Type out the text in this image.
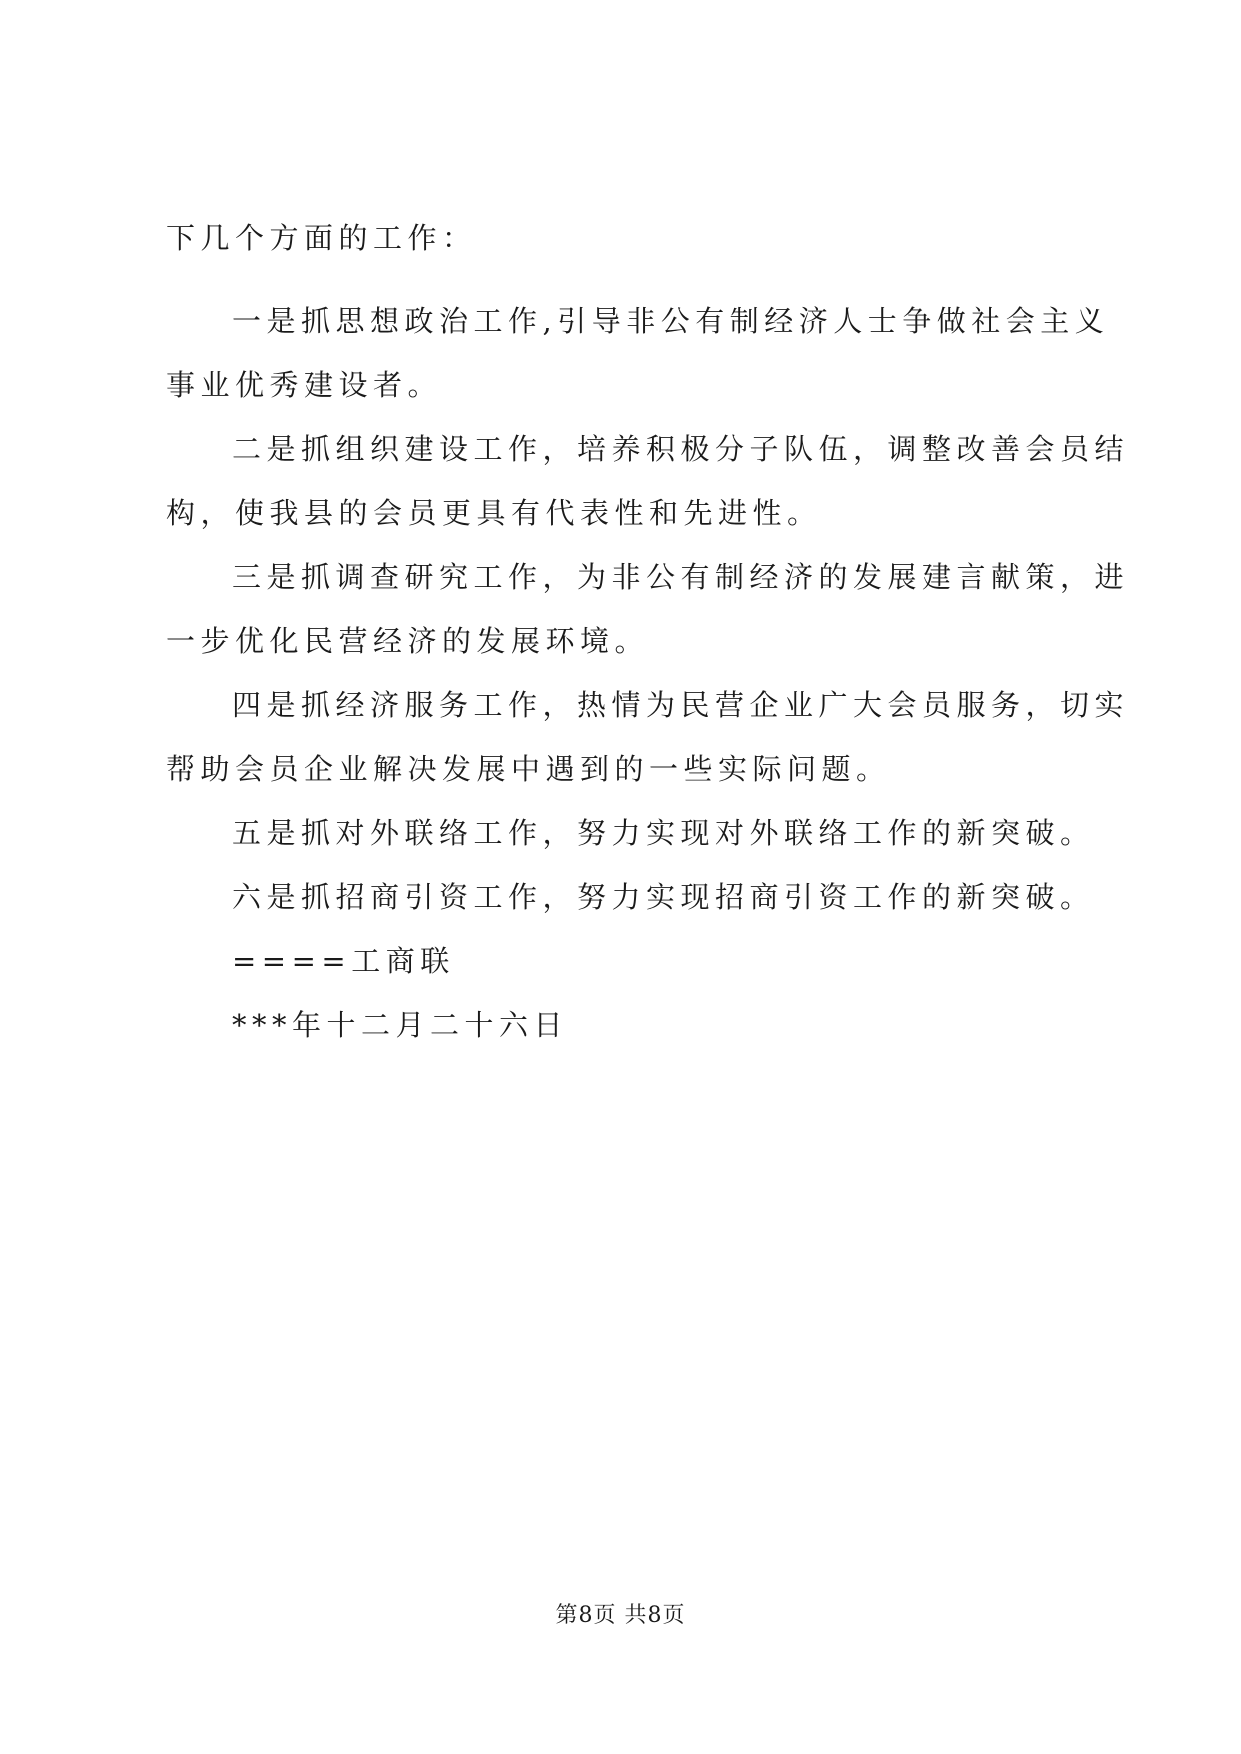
下几个方面的工作：
一是抓思想政治工作,引导非公有制经济人士争做社会主义
事业优秀建设者。
二是抓组织建设工作，培养积极分子队伍，调整改善会员结
构，使我县的会员更具有代表性和先进性。
三是抓调查研究工作，为非公有制经济的发展建言献策，进
一步优化民营经济的发展环境。
四是抓经济服务工作，热情为民营企业广大会员服务，切实
帮助会员企业解决发展中遇到的一些实际问题。
五是抓对外联络工作，努力实现对外联络工作的新突破。
六是抓招商引资工作，努力实现招商引资工作的新突破。
====工商联
***年十二月二十六日
第8页 共8页
